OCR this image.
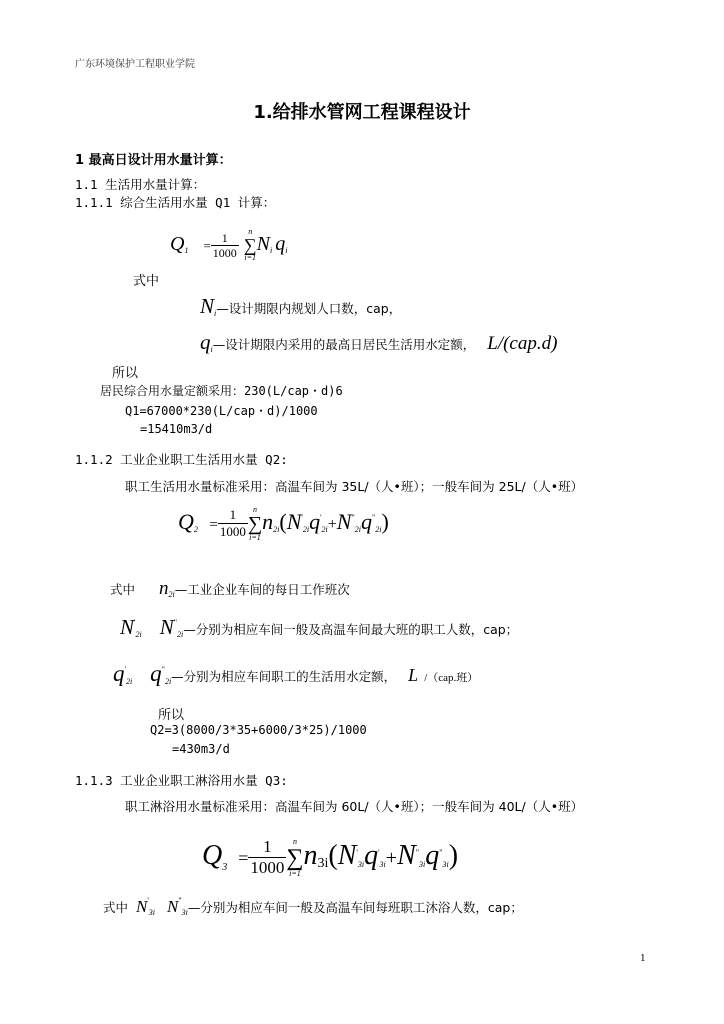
广东环境保护工程职业学院
1.给排水管网工程课程设计
1 最高日设计用水量计算：
1.1 生活用水量计算：
1.1.1 综合生活用水量 Q1 计算：
$Q1 = \frac{1}{1000}$
	n
∑
i=1
Ni qi
式中
$N_i—$设计期限内规划人口数，cap，
$q_i—$设计期限内采用的最高日居民生活用水定额， L/(cap.d)
所以
居民综合用水量定额采用：230(L/cap・d)6
Q1=67000*230(L/cap・d)/1000
=15410m3/d
1.1.2 工业企业职工生活用水量 Q2:
职工生活用水量标准采用：高温车间为 35L/（人•班）；一般车间为 25L/（人•班）
$Q2 = \frac{1}{1000}$ n
∑
i=1
n2i(N'2iq'2i+N"2iq"2i)
式中 $n_{2i}—$工业企业车间的每日工作班次
$N'_{2i}$ $N^"_{2i}—$分别为相应车间一般及高温车间最大班的职工人数，cap；
$q'_{2i}$ $q^"_{2i}—$分别为相应车间职工的生活用水定额， L /（cap.班）
所以
Q2=3(8000/3*35+6000/3*25)/1000
=430m3/d
1.1.3 工业企业职工淋浴用水量 Q3:
职工淋浴用水量标准采用：高温车间为 60L/（人•班）；一般车间为 40L/（人•班）
$Q_3 = \frac{1}{1000}$ n
∑
i=1
n3i(N'3iq'3i+N"3iq"3i)
式中 $N'_{3i}$ $N^"_{3i}—$分别为相应车间一般及高温车间每班职工沐浴人数，cap；
1
